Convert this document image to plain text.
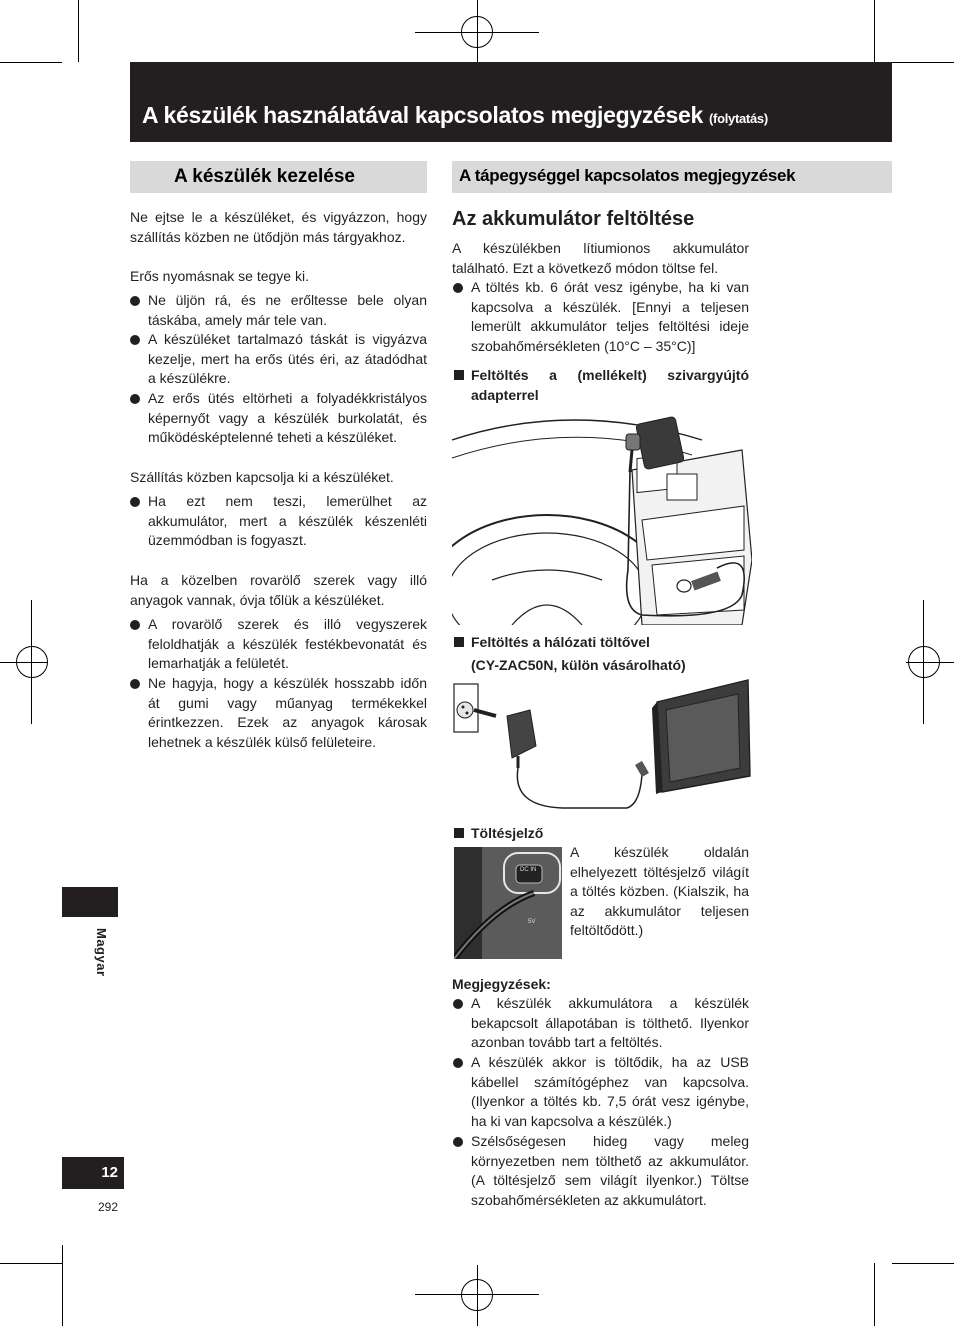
A készülék használatával kapcsolatos megjegyzések (folytatás)
A készülék kezelése
Ne ejtse le a készüléket, és vigyázzon, hogy szállítás közben ne ütődjön más tárgyakhoz.
Erős nyomásnak se tegye ki.
Ne üljön rá, és ne erőltesse bele olyan táskába, amely már tele van.
A készüléket tartalmazó táskát is vigyázva kezelje, mert ha erős ütés éri, az átadódhat a készülékre.
Az erős ütés eltörheti a folyadékkristályos képernyőt vagy a készülék burkolatát, és működésképtelenné teheti a készüléket.
Szállítás közben kapcsolja ki a készüléket.
Ha ezt nem teszi, lemerülhet az akkumulátor, mert a készülék készenléti üzemmódban is fogyaszt.
Ha a közelben rovarölő szerek vagy illó anyagok vannak, óvja tőlük a készüléket.
A rovarölő szerek és illó vegyszerek feloldhatják a készülék festékbevonatát és lemarhatják a felületét.
Ne hagyja, hogy a készülék hosszabb időn át gumi vagy műanyag termékekkel érintkezzen. Ezek az anyagok károsak lehetnek a készülék külső felületeire.
A tápegységgel kapcsolatos megjegyzések
Az akkumulátor feltöltése
A készülékben lítiumionos akkumulátor található. Ezt a következő módon töltse fel.
A töltés kb. 6 órát vesz igénybe, ha ki van kapcsolva a készülék. [Ennyi a teljesen lemerült akkumulátor teljes feltöltési ideje szobahőmérsékleten (10°C – 35°C)]
Feltöltés a (mellékelt) szivargyújtó adapterrel
Feltöltés a hálózati töltővel
(CY-ZAC50N, külön vásárolható)
Töltésjelző
DC IN
5V
A készülék oldalán elhelyezett töltésjelző világít a töltés közben. (Kialszik, ha az akkumulátor teljesen feltöltődött.)
Megjegyzések:
A készülék akkumulátora a készülék bekapcsolt állapotában is tölthető. Ilyenkor azonban tovább tart a feltöltés.
A készülék akkor is töltődik, ha az USB kábellel számítógéphez van kapcsolva. (Ilyenkor a töltés kb. 7,5 órát vesz igénybe, ha ki van kapcsolva a készülék.)
Szélsőségesen hideg vagy meleg környezetben nem tölthető az akkumulátor. (A töltésjelző sem világít ilyenkor.) Töltse szobahőmérsékleten az akkumulátort.
Magyar
12
292
